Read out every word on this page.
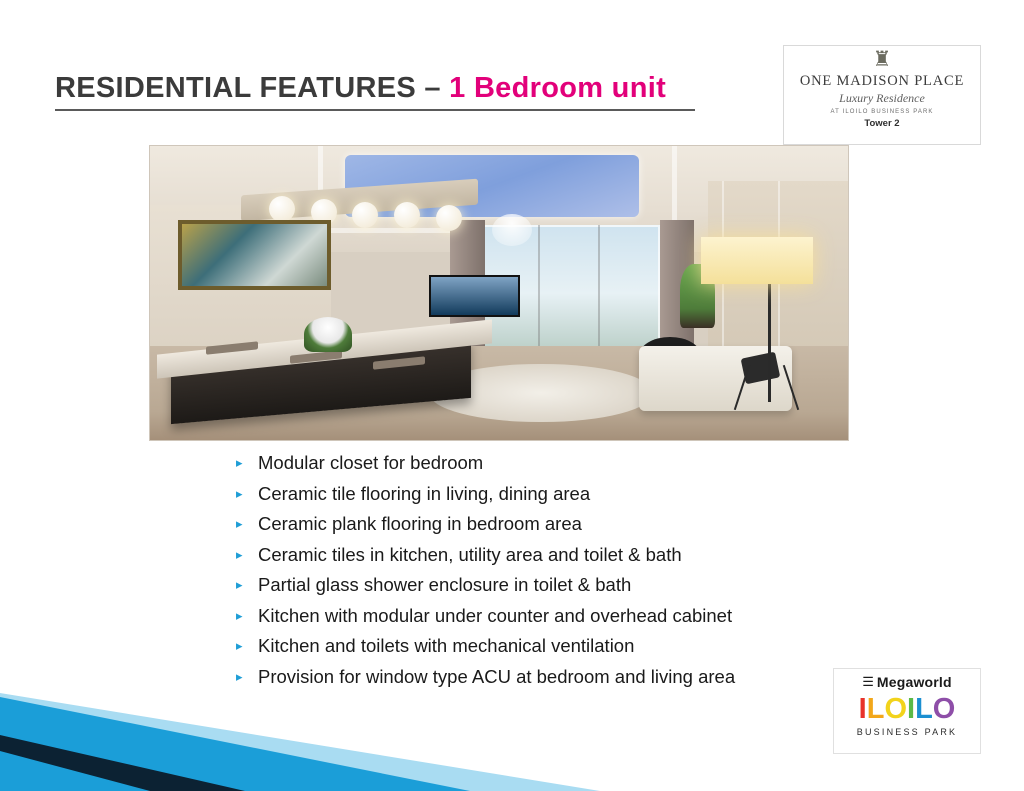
RESIDENTIAL FEATURES – 1 Bedroom unit
♜
ONE MADISON PLACE
Luxury Residence
AT ILOILO BUSINESS PARK
Tower 2
▸ Modular closet for bedroom
▸ Ceramic tile flooring in living, dining area
▸ Ceramic plank flooring in bedroom area
▸ Ceramic tiles in kitchen, utility area and toilet & bath
▸ Partial glass shower enclosure in toilet & bath
▸ Kitchen with modular under counter and overhead cabinet
▸ Kitchen and toilets with mechanical ventilation
▸ Provision for window type ACU at bedroom and living area	☰ Megaworld
ILOILO
BUSINESS PARK
